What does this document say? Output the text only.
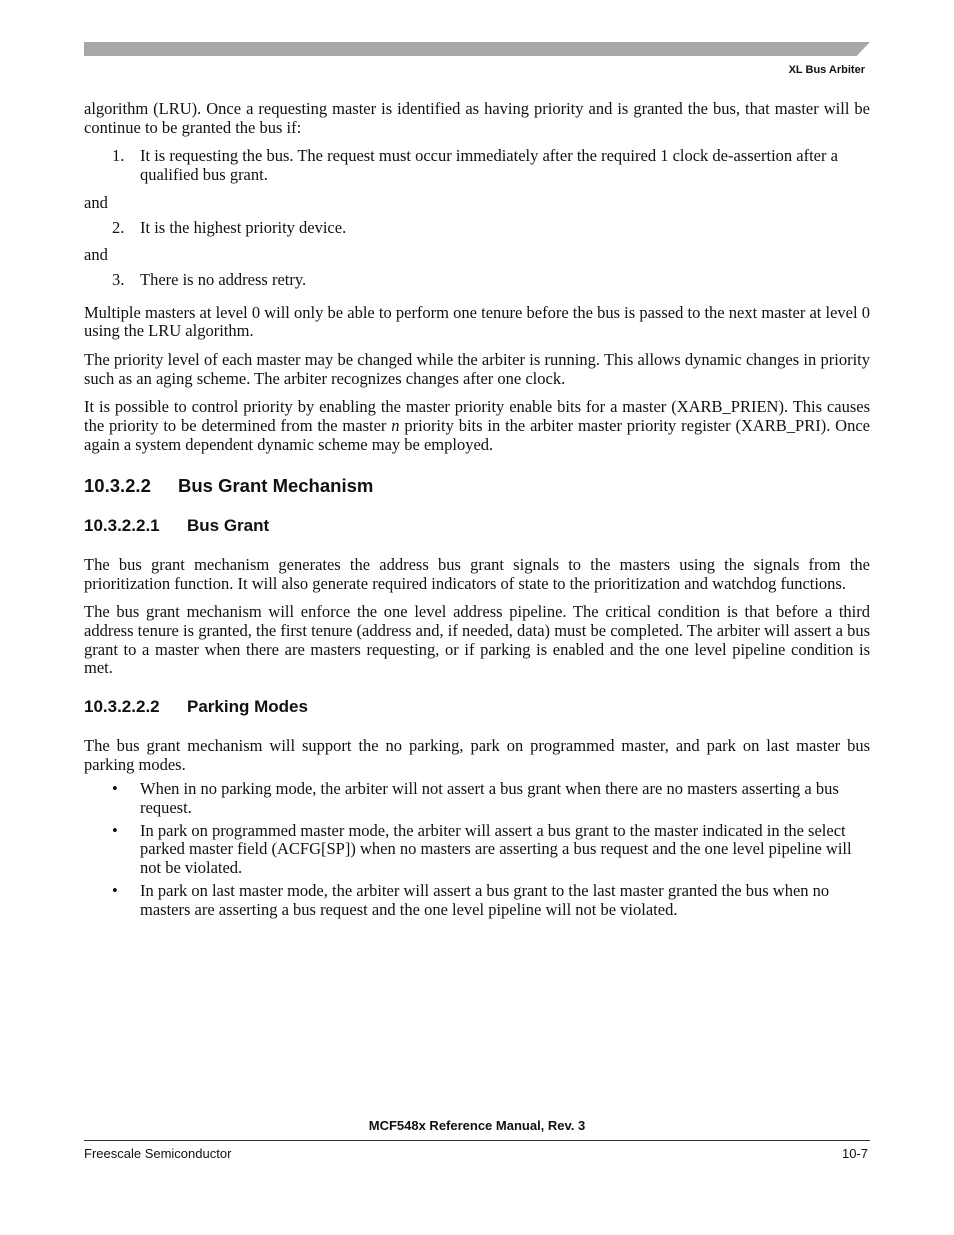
XL Bus Arbiter

algorithm (LRU). Once a requesting master is identified as having priority and is granted the bus, that master will be continue to be granted the bus if:

1. It is requesting the bus. The request must occur immediately after the required 1 clock de-assertion after a qualified bus grant.
and
2. It is the highest priority device.
and
3. There is no address retry.

Multiple masters at level 0 will only be able to perform one tenure before the bus is passed to the next master at level 0 using the LRU algorithm.

The priority level of each master may be changed while the arbiter is running. This allows dynamic changes in priority such as an aging scheme. The arbiter recognizes changes after one clock.

It is possible to control priority by enabling the master priority enable bits for a master (XARB_PRIEN). This causes the priority to be determined from the master n priority bits in the arbiter master priority register (XARB_PRI). Once again a system dependent dynamic scheme may be employed.

10.3.2.2 Bus Grant Mechanism
10.3.2.2.1 Bus Grant

The bus grant mechanism generates the address bus grant signals to the masters using the signals from the prioritization function. It will also generate required indicators of state to the prioritization and watchdog functions.

The bus grant mechanism will enforce the one level address pipeline. The critical condition is that before a third address tenure is granted, the first tenure (address and, if needed, data) must be completed. The arbiter will assert a bus grant to a master when there are masters requesting, or if parking is enabled and the one level pipeline condition is met.

10.3.2.2.2 Parking Modes

The bus grant mechanism will support the no parking, park on programmed master, and park on last master bus parking modes.

•	When in no parking mode, the arbiter will not assert a bus grant when there are no masters asserting a bus request.
•	In park on programmed master mode, the arbiter will assert a bus grant to the master indicated in the select parked master field (ACFG[SP]) when no masters are asserting a bus request and the one level pipeline will not be violated.
•	In park on last master mode, the arbiter will assert a bus grant to the last master granted the bus when no masters are asserting a bus request and the one level pipeline will not be violated.
MCF548x Reference Manual, Rev. 3
Freescale Semiconductor	10-7
